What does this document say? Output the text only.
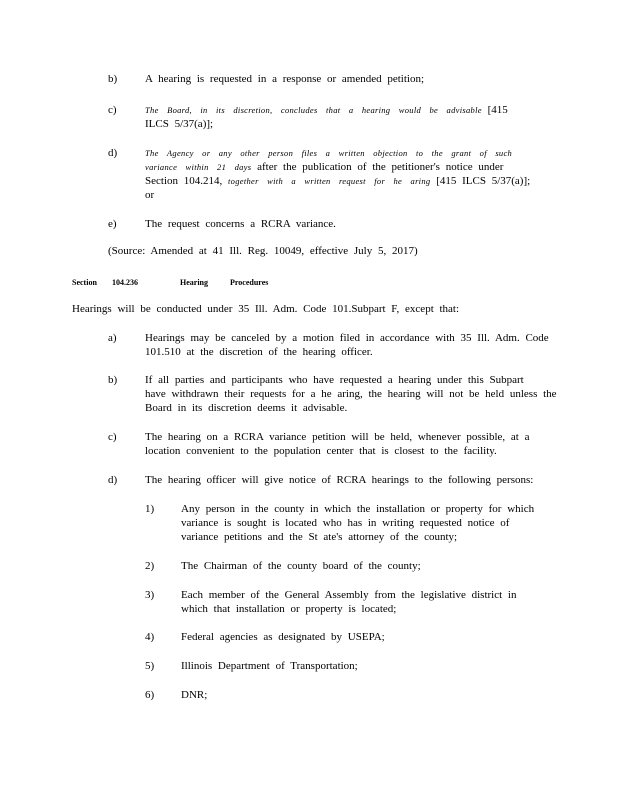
b)	A hearing is requested in a response or amended petition;
c)	The Board, in its discretion, concludes that a hearing would be advisable [415
ILCS 5/37(a)];
d)	The Agency or any other person files a written objection to the grant of such
variance within 21 days after the publication of the petitioner's notice under
Section 104.214, together with a written request for he aring [415 ILCS 5/37(a)];
or
e)	The request concerns a RCRA variance.
(Source: Amended at 41 Ill. Reg. 10049, effective July 5, 2017)
Section 104.236	Hearing Procedures
Hearings will be conducted under 35 Ill. Adm. Code 101.Subpart F, except that:
a)	Hearings may be canceled by a motion filed in accordance with 35 Ill. Adm. Code
101.510 at the discretion of the hearing officer.
b)	If all parties and participants who have requested a hearing under this Subpart
have withdrawn their requests for a he aring, the hearing will not be held unless the
Board in its discretion deems it advisable.
c)	The hearing on a RCRA variance petition will be held, whenever possible, at a
location convenient to the population center that is closest to the facility.
d)	The hearing officer will give notice of RCRA hearings to the following persons:
1)	Any person in the county in which the installation or property for which
variance is sought is located who has in writing requested notice of
variance petitions and the St ate's attorney of the county;
2)	The Chairman of the county board of the county;
3)	Each member of the General Assembly from the legislative district in
which that installation or property is located;
4)	Federal agencies as designated by USEPA;
5)	Illinois Department of Transportation;
6)	DNR;
